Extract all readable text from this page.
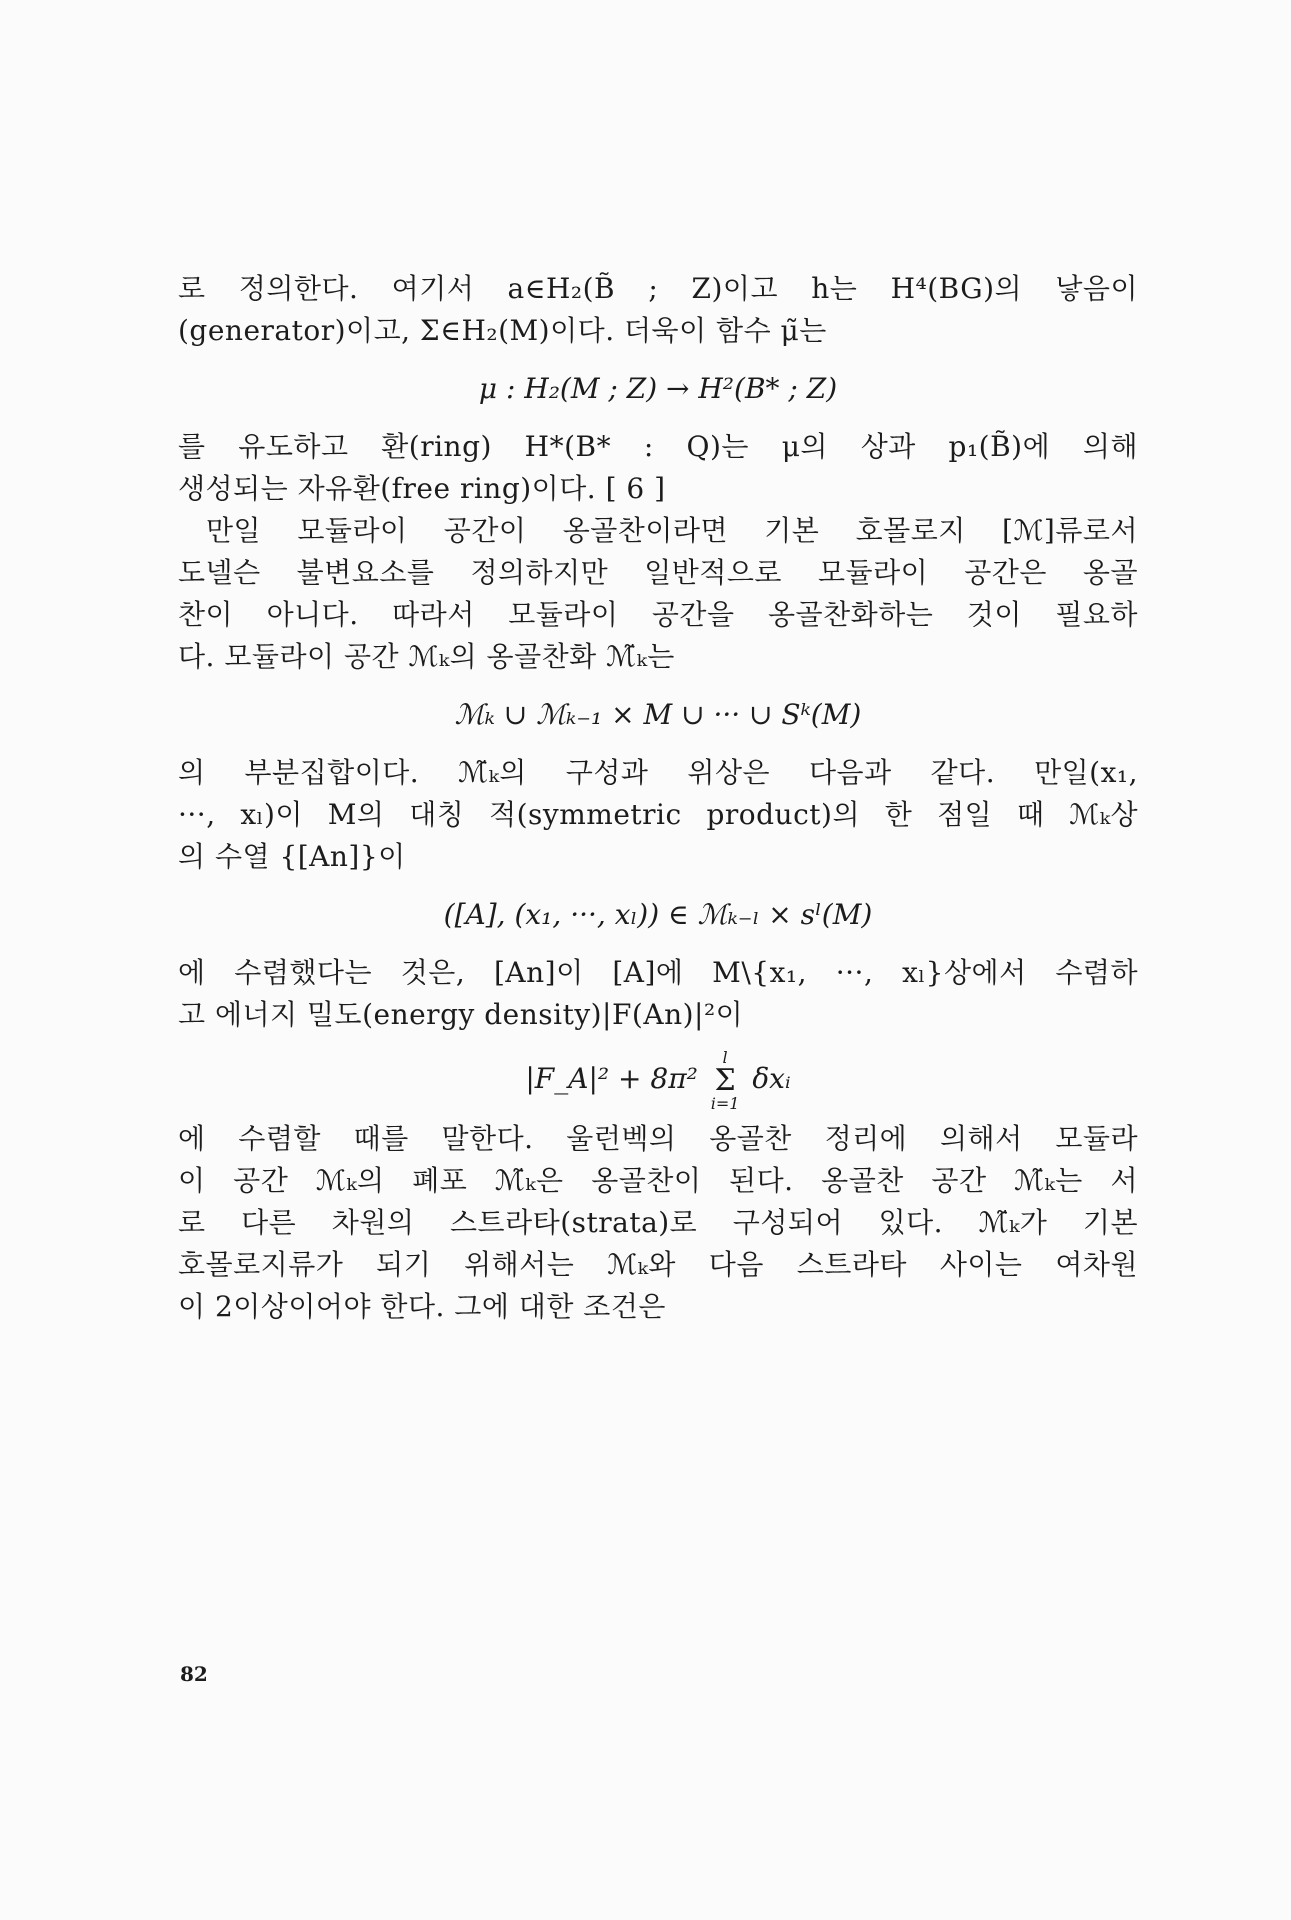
로 정의한다. 여기서 a∈H₂(B̃ ; Z)이고 h는 H⁴(BG)의 낳음이
(generator)이고, Σ∈H₂(M)이다. 더욱이 함수 μ̃는
μ : H₂(M ; Z) → H²(B* ; Z)
를 유도하고 환(ring) H*(B* : Q)는 μ의 상과 p₁(B̃)에 의해
생성되는 자유환(free ring)이다. [ 6 ]
만일 모듈라이 공간이 옹골찬이라면 기본 호몰로지 [ℳ]류로서
도넬슨 불변요소를 정의하지만 일반적으로 모듈라이 공간은 옹골
찬이 아니다. 따라서 모듈라이 공간을 옹골찬화하는 것이 필요하
다. 모듈라이 공간 ℳₖ의 옹골찬화 ℳ̃ₖ는
ℳₖ ∪ ℳₖ₋₁ × M ∪ ··· ∪ Sᵏ(M)
의 부분집합이다. ℳ̃ₖ의 구성과 위상은 다음과 같다. 만일(x₁,
···, xₗ)이 M의 대칭 적(symmetric product)의 한 점일 때 ℳₖ상
의 수열 {[An]}이
([A], (x₁, ···, xₗ)) ∈ ℳₖ₋ₗ × sˡ(M)
에 수렴했다는 것은, [An]이 [A]에 M\{x₁, ···, xₗ}상에서 수렴하
고 에너지 밀도(energy density)|F(An)|²이
|F_A|² + 8π²
l
Σ
i=1
δxᵢ
에 수렴할 때를 말한다. 울런벡의 옹골찬 정리에 의해서 모듈라
이 공간 ℳₖ의 폐포 ℳ̃ₖ은 옹골찬이 된다. 옹골찬 공간 ℳ̃ₖ는 서
로 다른 차원의 스트라타(strata)로 구성되어 있다. ℳ̃ₖ가 기본
호몰로지류가 되기 위해서는 ℳₖ와 다음 스트라타 사이는 여차원
이 2이상이어야 한다. 그에 대한 조건은
82
